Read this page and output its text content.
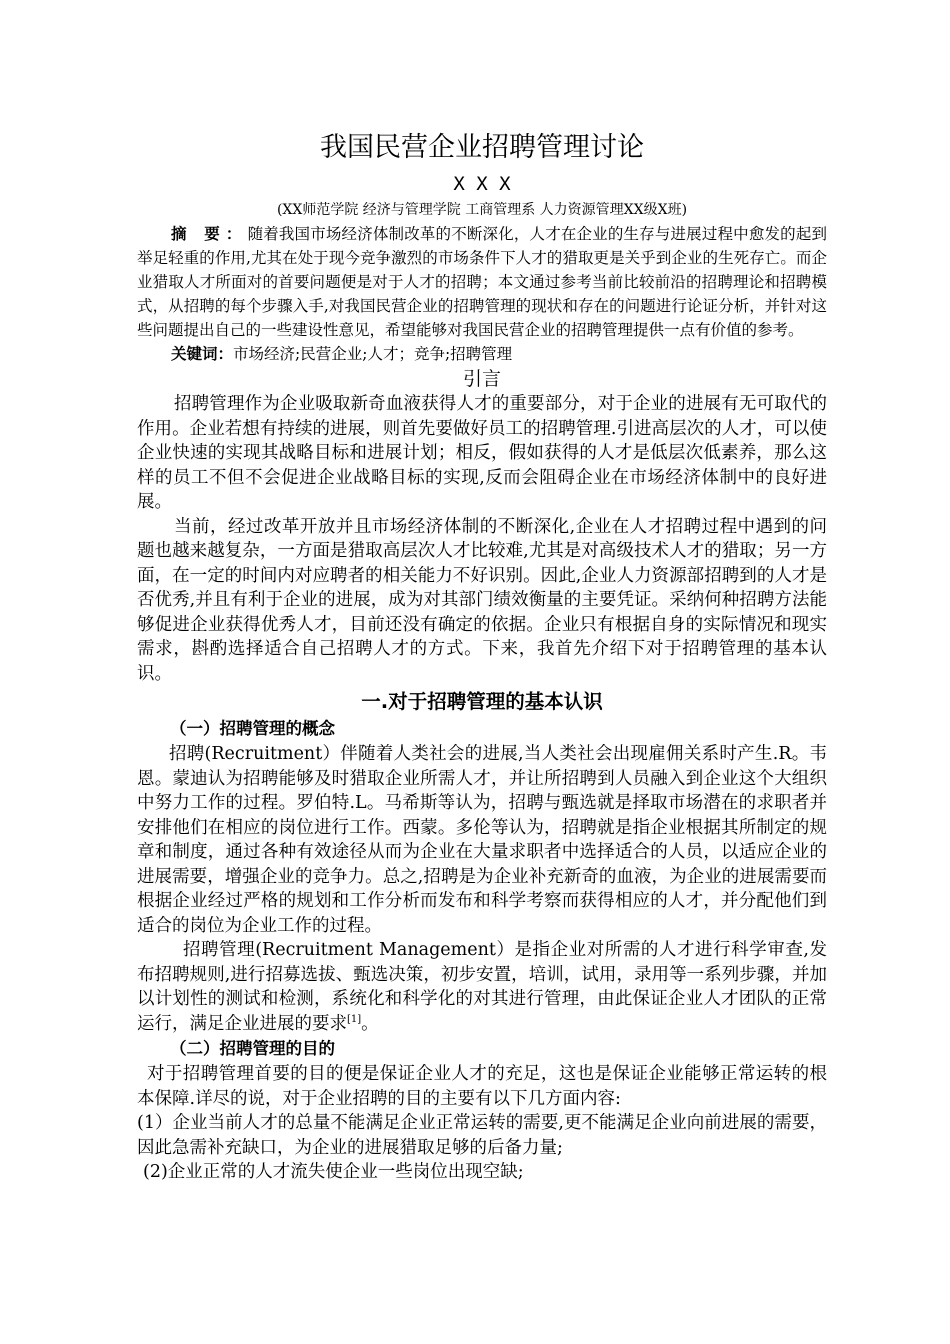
我国民营企业招聘管理讨论
X X X
(XX师范学院 经济与管理学院 工商管理系 人力资源管理XX级X班)

摘 要：随着我国市场经济体制改革的不断深化，人才在企业的生存与进展过程中愈发的起到举足轻重的作用,尤其在处于现今竞争激烈的市场条件下人才的猎取更是关乎到企业的生死存亡。而企业猎取人才所面对的首要问题便是对于人才的招聘；本文通过参考当前比较前沿的招聘理论和招聘模式，从招聘的每个步骤入手,对我国民营企业的招聘管理的现状和存在的问题进行论证分析，并针对这些问题提出自己的一些建设性意见，希望能够对我国民营企业的招聘管理提供一点有价值的参考。

关键词：市场经济;民营企业;人才；竞争;招聘管理

引言

招聘管理作为企业吸取新奇血液获得人才的重要部分，对于企业的进展有无可取代的作用。企业若想有持续的进展，则首先要做好员工的招聘管理.引进高层次的人才，可以使企业快速的实现其战略目标和进展计划；相反，假如获得的人才是低层次低素养，那么这样的员工不但不会促进企业战略目标的实现,反而会阻碍企业在市场经济体制中的良好进展。

当前，经过改革开放并且市场经济体制的不断深化,企业在人才招聘过程中遇到的问题也越来越复杂，一方面是猎取高层次人才比较难,尤其是对高级技术人才的猎取；另一方面，在一定的时间内对应聘者的相关能力不好识别。因此,企业人力资源部招聘到的人才是否优秀,并且有利于企业的进展，成为对其部门绩效衡量的主要凭证。采纳何种招聘方法能够促进企业获得优秀人才，目前还没有确定的依据。企业只有根据自身的实际情况和现实需求，斟酌选择适合自己招聘人才的方式。下来，我首先介绍下对于招聘管理的基本认识。

一.对于招聘管理的基本认识
（一）招聘管理的概念

招聘(Recruitment）伴随着人类社会的进展,当人类社会出现雇佣关系时产生.R。韦恩。蒙迪认为招聘能够及时猎取企业所需人才，并让所招聘到人员融入到企业这个大组织中努力工作的过程。罗伯特.L。马希斯等认为，招聘与甄选就是择取市场潜在的求职者并安排他们在相应的岗位进行工作。西蒙。多伦等认为，招聘就是指企业根据其所制定的规章和制度，通过各种有效途径从而为企业在大量求职者中选择适合的人员，以适应企业的进展需要，增强企业的竞争力。总之,招聘是为企业补充新奇的血液，为企业的进展需要而根据企业经过严格的规划和工作分析而发布和科学考察而获得相应的人才，并分配他们到适合的岗位为企业工作的过程。

招聘管理(Recruitment Management）是指企业对所需的人才进行科学审查,发布招聘规则,进行招募选拔、甄选决策，初步安置，培训，试用，录用等一系列步骤，并加以计划性的测试和检测，系统化和科学化的对其进行管理，由此保证企业人才团队的正常运行，满足企业进展的要求[1]。

（二）招聘管理的目的

对于招聘管理首要的目的便是保证企业人才的充足，这也是保证企业能够正常运转的根本保障.详尽的说，对于企业招聘的目的主要有以下几方面内容:

(1）企业当前人才的总量不能满足企业正常运转的需要,更不能满足企业向前进展的需要，因此急需补充缺口，为企业的进展猎取足够的后备力量;

(2)企业正常的人才流失使企业一些岗位出现空缺;
